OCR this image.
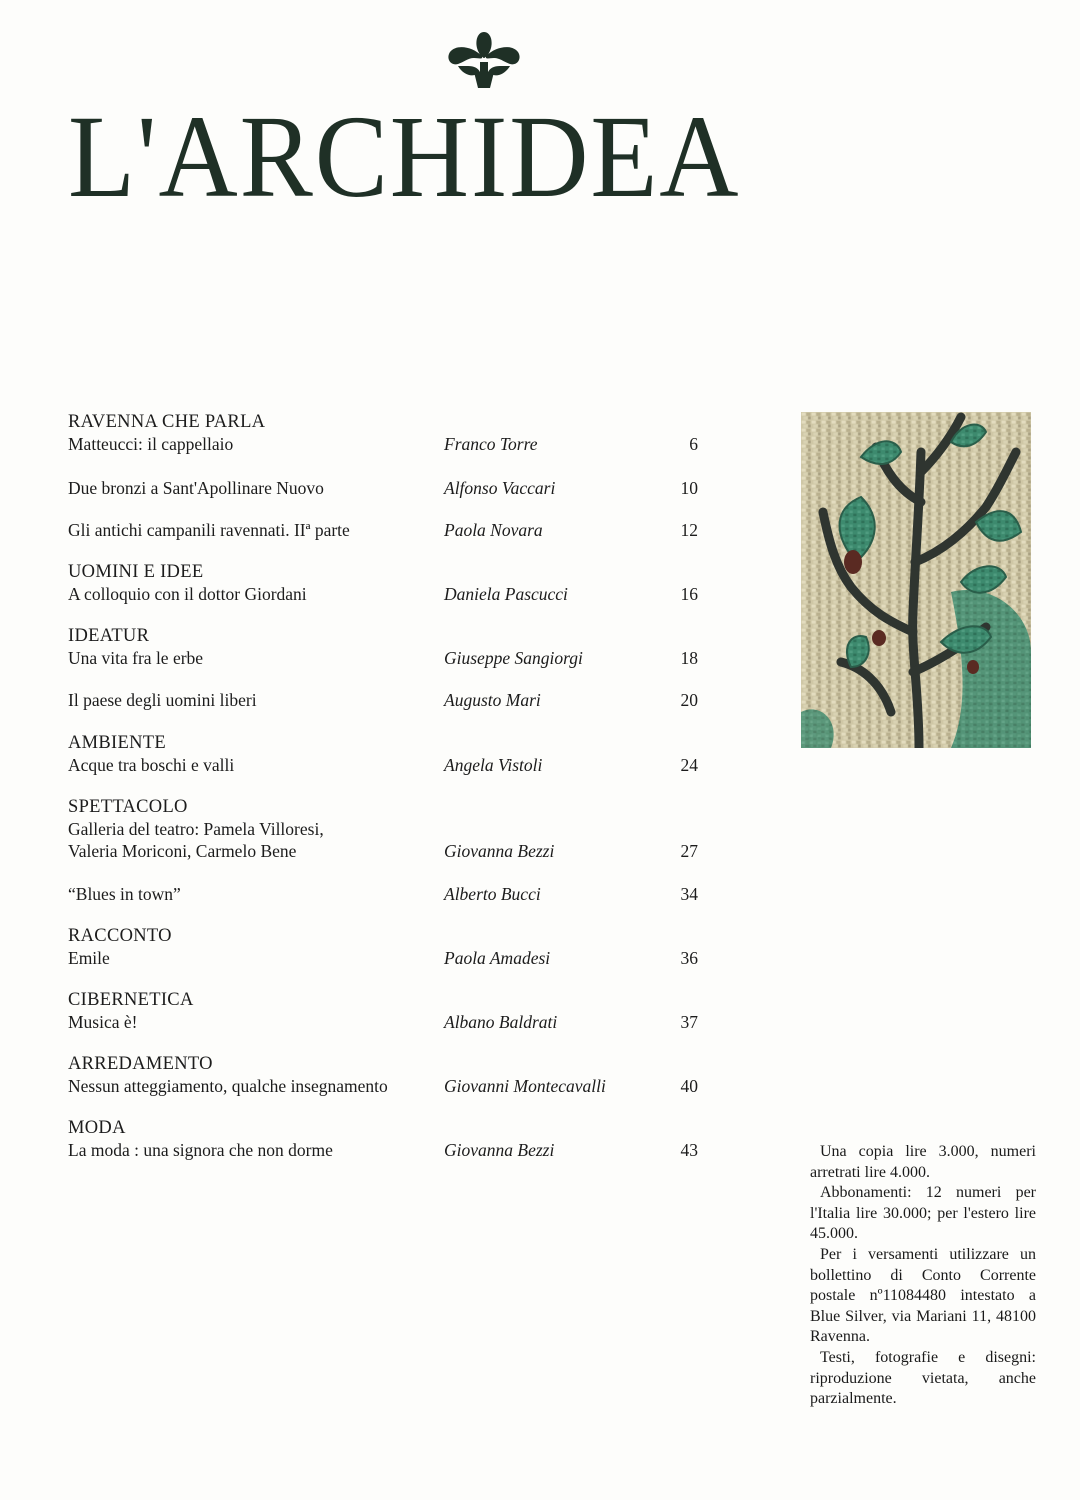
L'ARCHIDEA
RAVENNA CHE PARLA
Matteucci: il cappellaio	Franco Torre	6
Due bronzi a Sant'Apollinare Nuovo	Alfonso Vaccari	10
Gli antichi campanili ravennati. IIª parte	Paola Novara	12
UOMINI E IDEE
A colloquio con il dottor Giordani	Daniela Pascucci	16
IDEATUR
Una vita fra le erbe	Giuseppe Sangiorgi	18
Il paese degli uomini liberi	Augusto Mari	20
AMBIENTE
Acque tra boschi e valli	Angela Vistoli	24
SPETTACOLO
Galleria del teatro: Pamela Villoresi,
Valeria Moriconi, Carmelo Bene	Giovanna Bezzi	27
“Blues in town”	Alberto Bucci	34
RACCONTO
Emile	Paola Amadesi	36
CIBERNETICA
Musica è!	Albano Baldrati	37
ARREDAMENTO
Nessun atteggiamento, qualche insegnamento	Giovanni Montecavalli	40
MODA
La moda : una signora che non dorme	Giovanna Bezzi	43	Una copia lire 3.000, numeri arretrati lire 4.000.

Abbonamenti: 12 numeri per l'Italia lire 30.000; per l'estero lire 45.000.

Per i versamenti utilizzare un bollettino di Conto Corrente postale nº11084480 intestato a Blue Silver, via Mariani 11, 48100 Ravenna.

Testi, fotografie e disegni: riproduzione vietata, anche parzialmente.
